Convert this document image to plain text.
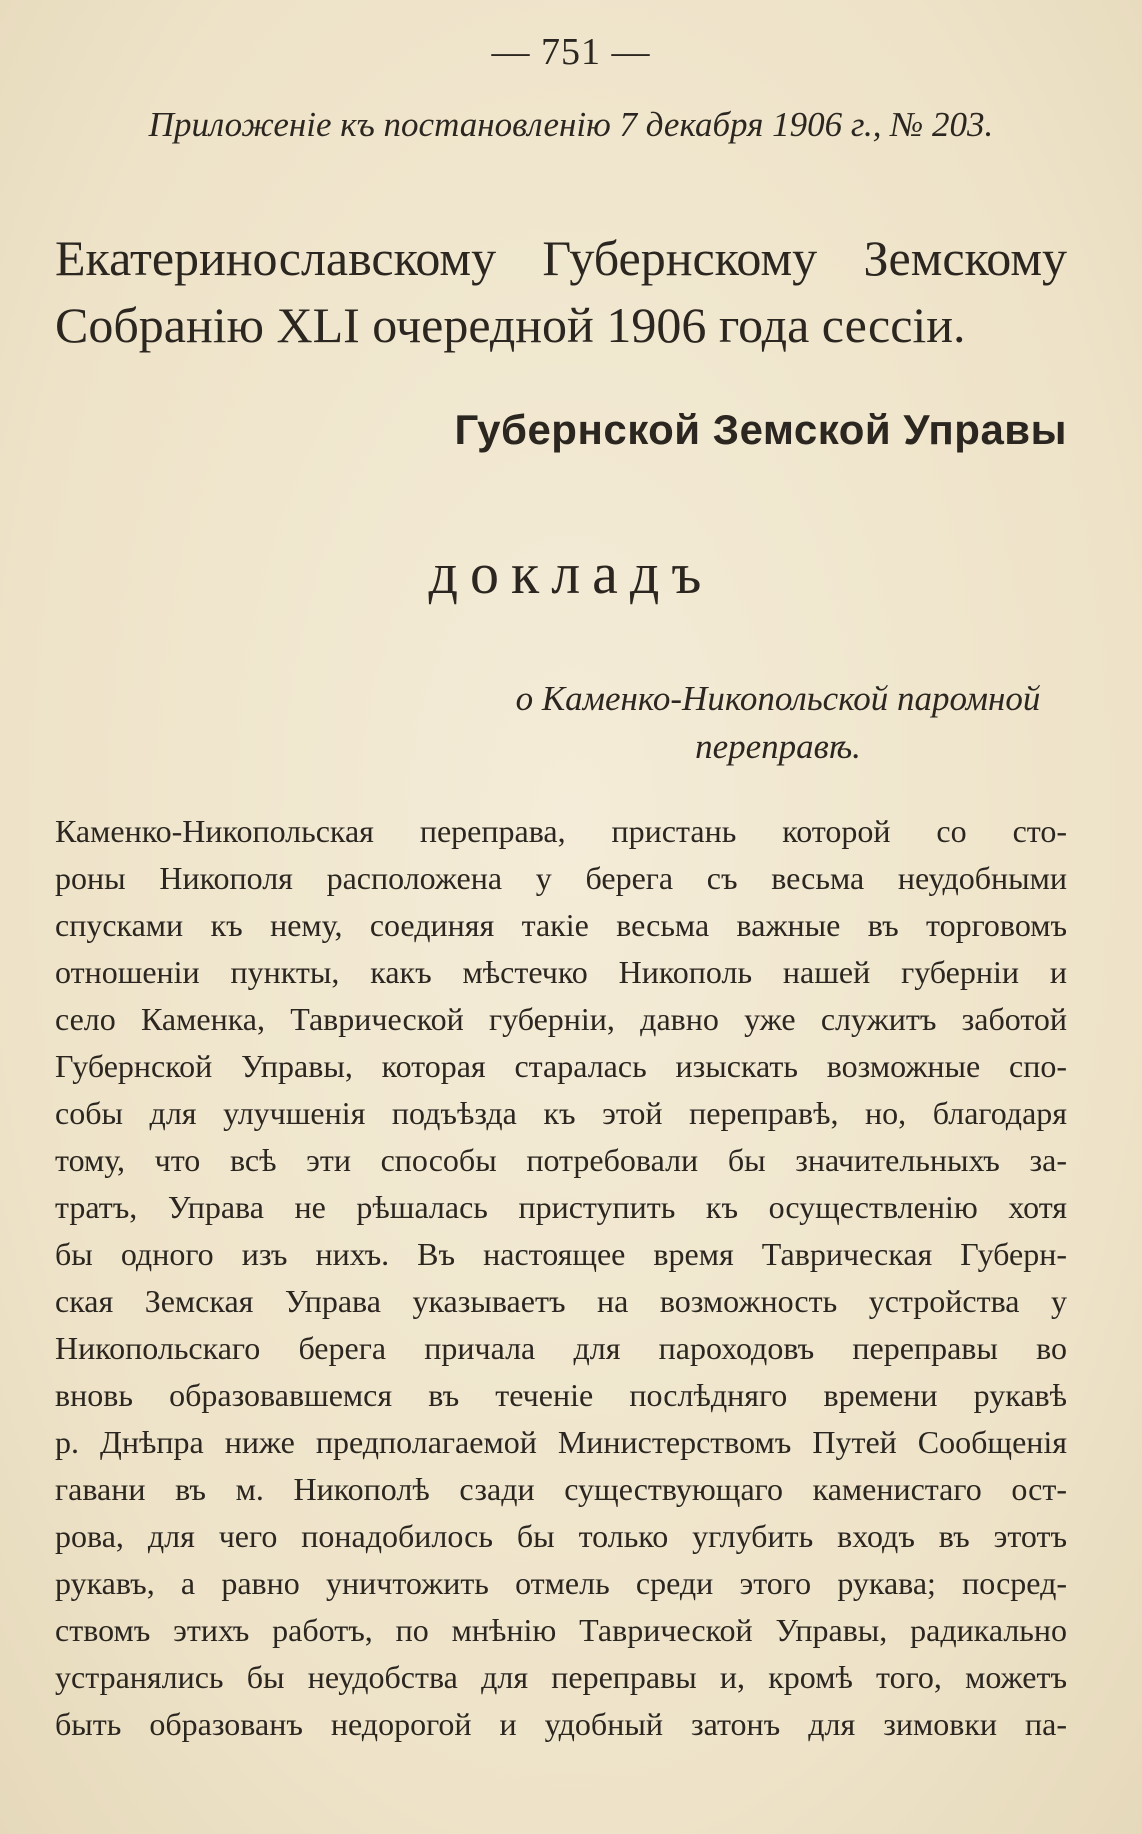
— 751 —
Приложеніе къ постановленію 7 декабря 1906 г., № 203.
Екатеринославскому Губернскому Земскому Собранію XLI очередной 1906 года сессіи.
Губернской Земской Управы
докладъ
о Каменко-Никопольской паромной
переправѣ.
Каменко-Никопольская переправа, пристань которой со сто-
роны Никополя расположена у берега съ весьма неудобными
спусками къ нему, соединяя такіе весьма важные въ торговомъ
отношеніи пункты, какъ мѣстечко Никополь нашей губерніи и
село Каменка, Таврической губерніи, давно уже служитъ заботой
Губернской Управы, которая старалась изыскать возможные спо-
собы для улучшенія подъѣзда къ этой переправѣ, но, благодаря
тому, что всѣ эти способы потребовали бы значительныхъ за-
тратъ, Управа не рѣшалась приступить къ осуществленію хотя
бы одного изъ нихъ. Въ настоящее время Таврическая Губерн-
ская Земская Управа указываетъ на возможность устройства у
Никопольскаго берега причала для пароходовъ переправы во
вновь образовавшемся въ теченіе послѣдняго времени рукавѣ
р. Днѣпра ниже предполагаемой Министерствомъ Путей Сообщенія
гавани въ м. Никополѣ сзади существующаго каменистаго ост-
рова, для чего понадобилось бы только углубить входъ въ этотъ
рукавъ, а равно уничтожить отмель среди этого рукава; посред-
ствомъ этихъ работъ, по мнѣнію Таврической Управы, радикально
устранялись бы неудобства для переправы и, кромѣ того, можетъ
быть образованъ недорогой и удобный затонъ для зимовки па-
